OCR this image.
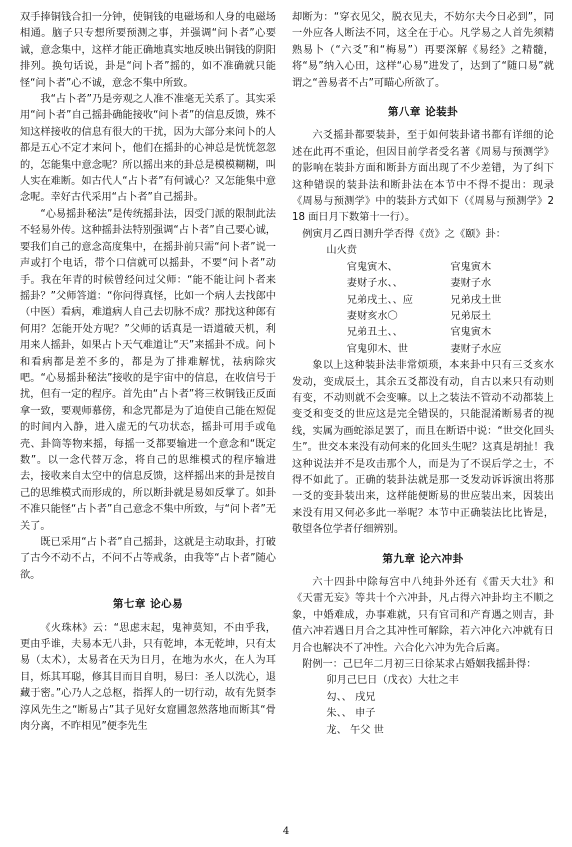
双手捧铜钱合扣一分钟，使铜钱的电磁场和人身的电磁场相通。脑子只专想所要预测之事，并强调“问卜者”心要诚，意念集中，这样才能正确地真实地反映出铜钱的阴阳排列。换句话说，卦是“问卜者”摇的，如不准确就只能怪“问卜者”心不诚，意念不集中所致。

我“占卜者”乃是旁观之人准不准毫无关系了。其实采用“问卜者”自己摇卦确能接收“问卜者”的信息反馈，殊不知这样接收的信息有很大的干扰，因为大部分来问卜的人都是五心不定才来问卜，他们在摇卦的心神总是恍恍忽忽的，怎能集中意念呢？所以摇出来的卦总是模模糊糊，叫人实在难断。如古代人“占卜者”有何诚心？又怎能集中意念呢。幸好古代采用“占卜者”自己摇卦。

“心易摇卦秘法”是传统摇卦法，因受门派的限制此法不轻易外传。这种摇卦法特别强调“占卜者”自己要心诚，要我们自己的意念高度集中，在摇卦前只需“问卜者”说一声或打个电话，带个口信就可以摇卦，不要“问卜者”动手。我在年青的时候曾经问过父师：“能不能让问卜者来摇卦？”父师答道：“你问得真怪，比如一个病人去找郎中（中医）看病，难道病人自己去切脉不成？那找这种郎有何用？怎能开处方呢？”父师的话真是一语道破天机，利用来人摇卦，如果占卜天气难道让“天”来摇卦不成。问卜和看病都是差不多的，都是为了排难解忧，祛病除灾吧。“心易摇卦秘法”接收的是宇宙中的信息，在收信号于扰，但有一定的程序。首先由“占卜者”将三枚铜钱正反面拿一致，要观师慕傍，和念咒都是为了迫使自己能在短促的时间内入静，进入虚无的气功状态，摇卦可用手或龟壳、卦筒等物来摇，每摇一爻都要输进一个意念和“既定数”。以一念代替万念，将自己的思维模式的程序输进去，接收来自太空中的信息反馈，这样摇出来的卦是按自己的思维模式而形成的，所以断卦就是易如反掌了。如卦不准只能怪“占卜者”自己意念不集中所致，与“问卜者”无关了。

既已采用“占卜者”自己摇卦，这就是主动取卦，打破了古今不动不占，不问不占等戒条，由我等“占卜者”随心欲。

第七章 论心易

《火珠林》云：“思虑末起，鬼神莫知，不由乎我，更由乎谁，夫易本无八卦，只有乾坤，本无乾坤，只有太易（太术），太易者在天为日月，在地为水火，在人为耳目，烁其耳聪，修其目而目自明，易曰：圣人以洗心，退藏于密。”心乃人之总枢，指挥人的一切行动，故有先贤李淳风先生之“断易占”其子见好女窟圃忽然落地而断其“骨肉分离，不昨相见”便李先生

却断为：“穿衣见父，脱衣见夫，不妨尔夫今日必到”，同一外应各人断法不同，这全在于心。凡学易之人首先须精熟易卜（“六爻”和“梅易”）再要深解《易经》之精髓，将“易”纳入心田，这样“心易”进发了，达到了“随口易”就谓之“善易者不占”可瞄心所欲了。

第八章 论装卦

六爻摇卦都要装卦，至于如何装卦诸书都有详细的论述在此再不重论，但因目前学者受名著《周易与预测学》的影响在装卦方面和断卦方面出现了不少差错，为了纠下这种错误的装卦法和断卦法在本节中不得不提出：现录《周易与预测学》中的装卦方式如下（《周易与预测学》218 面日月下数第十一行）。

例寅月乙酉日测升学否得《贲》之《颐》卦：

山火贲

官鬼寅木、	官鬼寅木

妻财子水、、	妻财子水

兄弟戌土、、应	兄弟戌土世

妻财亥水〇	兄弟辰土

兄弟丑土、、	官鬼寅木

官鬼卯木、世	妻财子水应

象以上这种装卦法非常烦琐，本来卦中只有三爻亥水发动，变成辰土，其余五爻都没有动，自古以来只有动则有变，不动则就不会变嘛。以上之装法不管动不动都装上变爻和变爻的世应这是完全错误的，只能混淆断易者的视线，实属为画蛇添足罢了，而且在断语中说：“世交化回头生”。世交本来没有动何来的化回头生呢？这真是胡扯！我这种说法并不是攻击那个人，而是为了不误后学之士，不得不如此了。正确的装卦法就是那一爻发动诉诉演出将那一爻的变卦装出来，这样能便断易的世应装出来，因装出来没有用又何必多此一举呢？本节中正确装法比比皆是，敬望各位学者仔细辨别。

第九章 论六冲卦

六十四卦中除每宫中八纯卦外还有《雷天大壮》和《天雷无妄》等共十个六冲卦，凡占得六冲卦均主不顺之象，中婚难成，办事难就，只有官司和产育遇之则吉，卦值六冲若遇日月合之其冲性可解除，若六冲化六冲就有日月合也解决不了冲性。六合化六冲为先合后离。

附例一：己巳年二月初三日徐某求占婚姻我摇卦得：

卯月己巳日（戊衣）大壮之丰

勾、、 戌兄

朱、、 申子

龙、 午父 世

4
